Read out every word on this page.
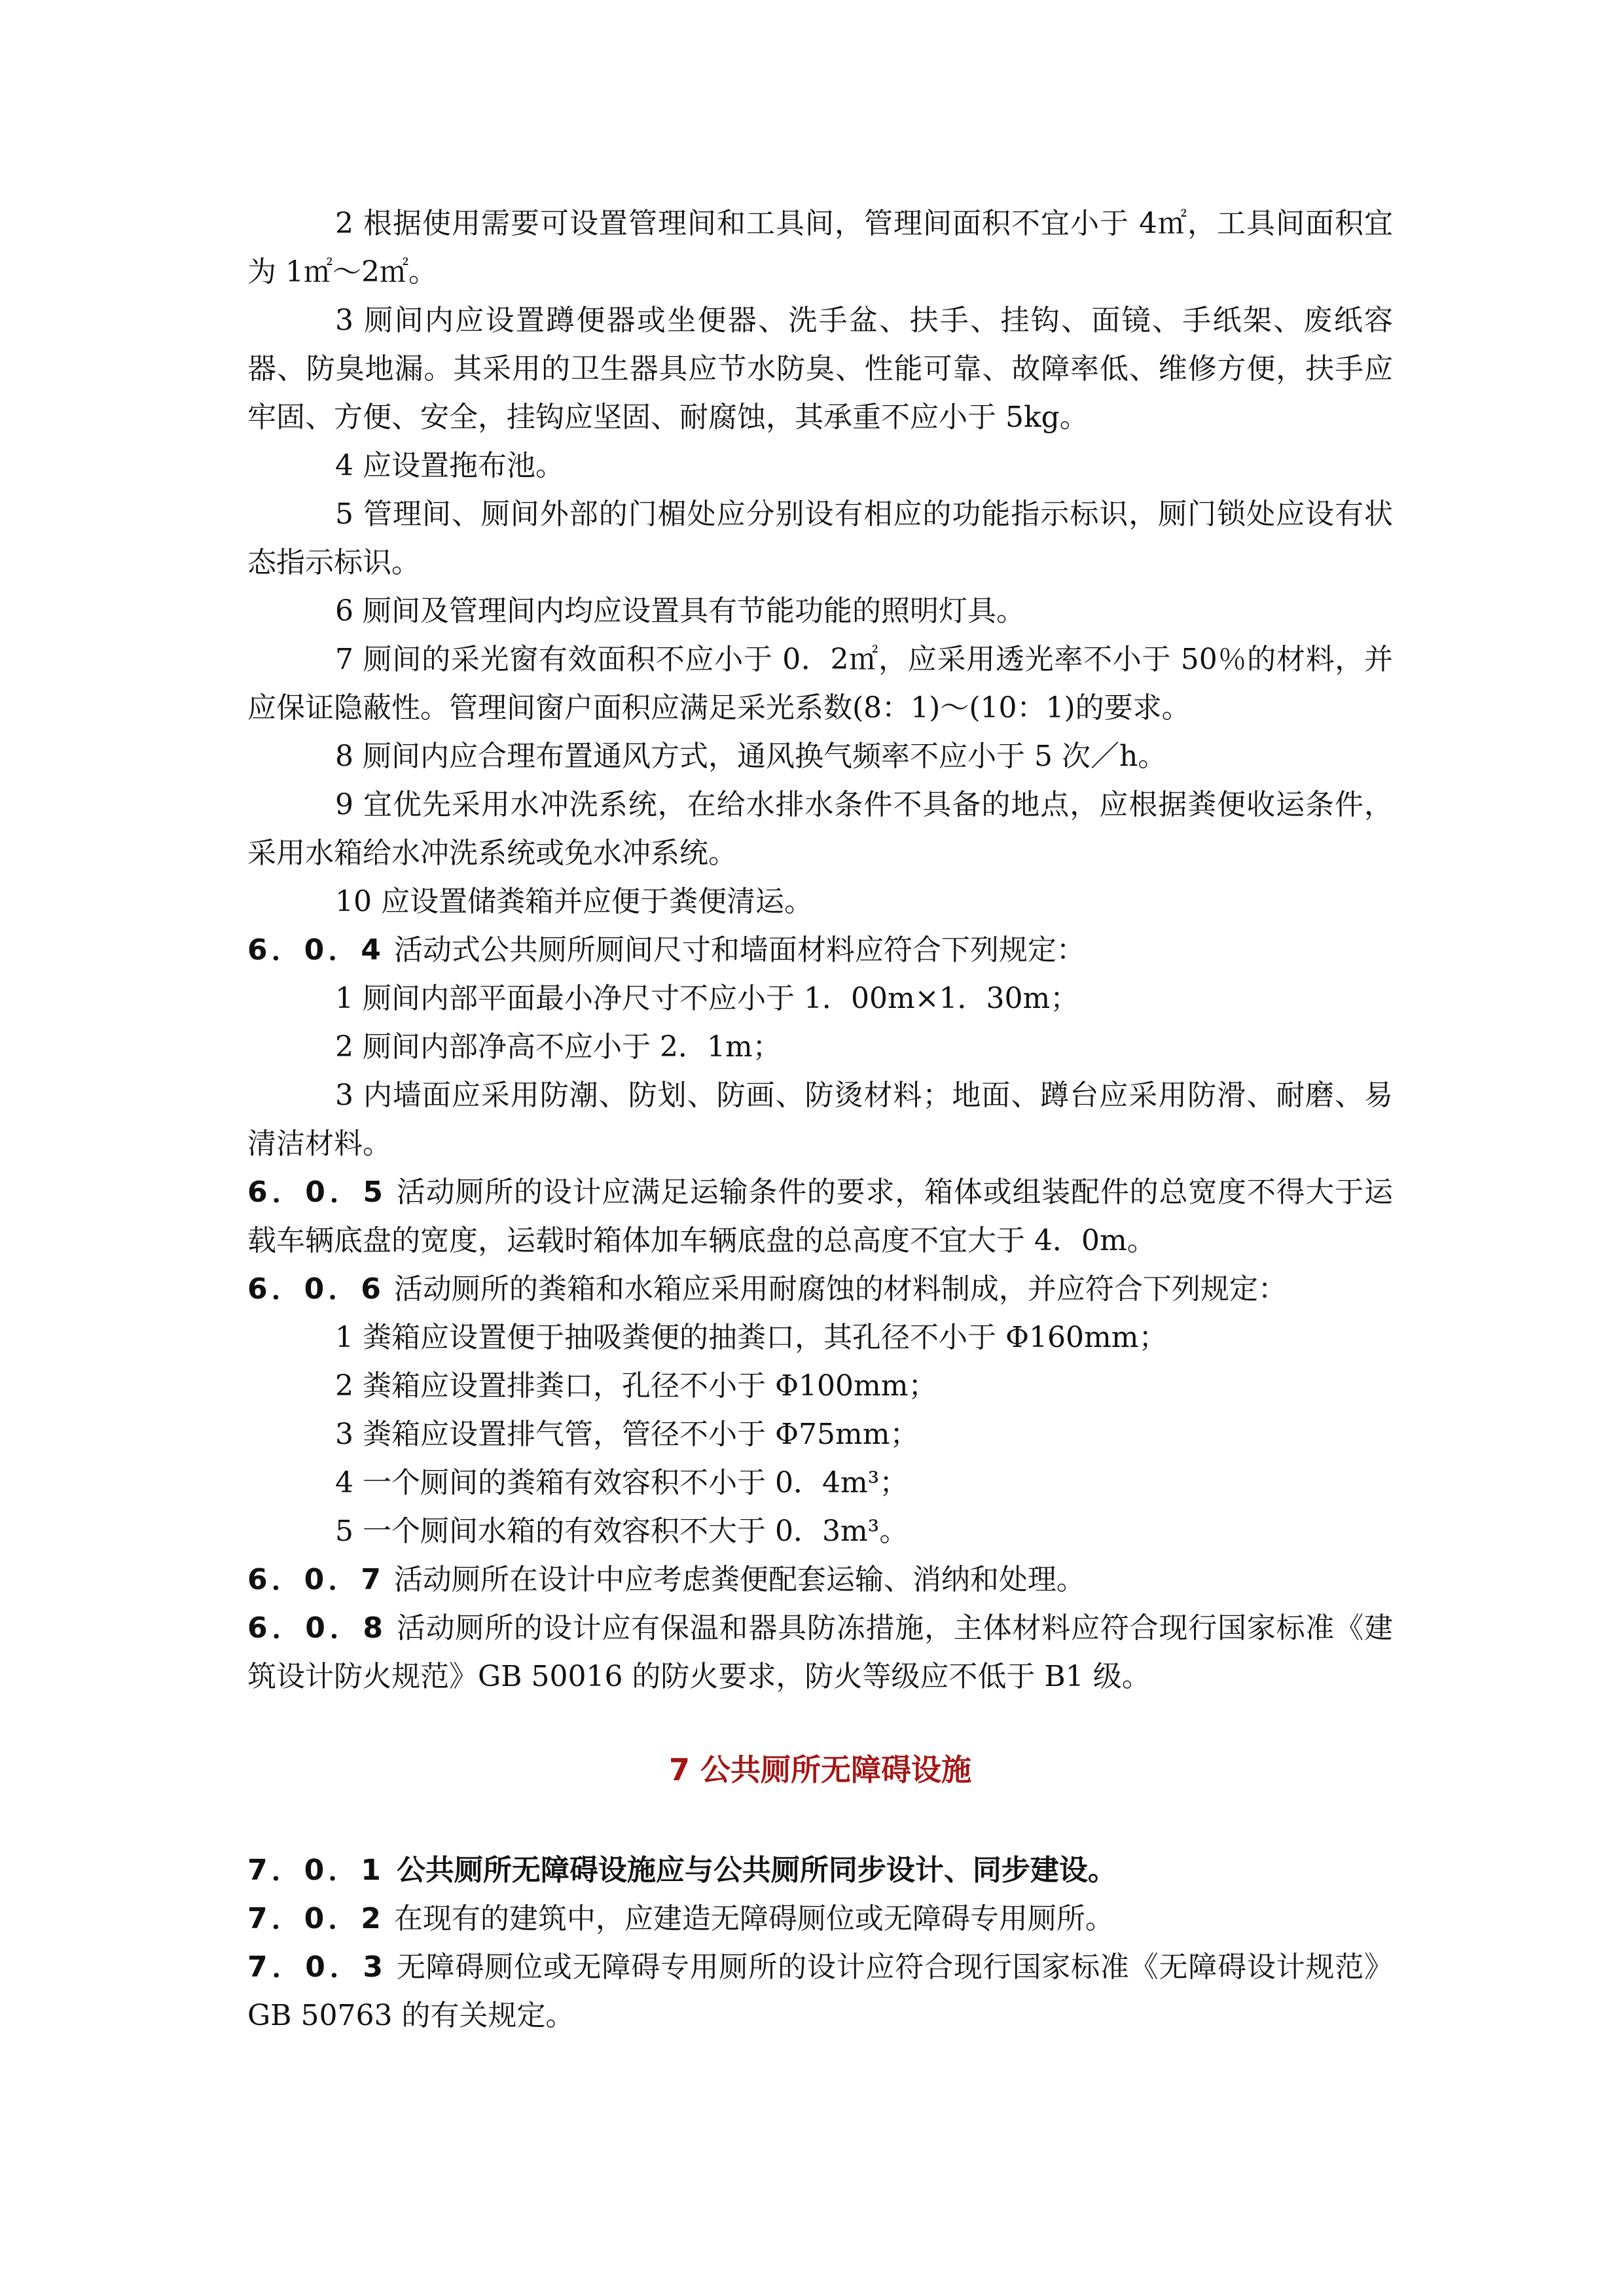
2 根据使用需要可设置管理间和工具间，管理间面积不宜小于 4㎡，工具间面积宜为 1㎡～2㎡。

3 厕间内应设置蹲便器或坐便器、洗手盆、扶手、挂钩、面镜、手纸架、废纸容器、防臭地漏。其采用的卫生器具应节水防臭、性能可靠、故障率低、维修方便，扶手应牢固、方便、安全，挂钩应坚固、耐腐蚀，其承重不应小于 5kg。

4 应设置拖布池。

5 管理间、厕间外部的门楣处应分别设有相应的功能指示标识，厕门锁处应设有状态指示标识。

6 厕间及管理间内均应设置具有节能功能的照明灯具。

7 厕间的采光窗有效面积不应小于 0．2㎡，应采用透光率不小于 50％的材料，并应保证隐蔽性。管理间窗户面积应满足采光系数(8：1)～(10：1)的要求。

8 厕间内应合理布置通风方式，通风换气频率不应小于 5 次／h。

9 宜优先采用水冲洗系统，在给水排水条件不具备的地点，应根据粪便收运条件，采用水箱给水冲洗系统或免水冲系统。

10 应设置储粪箱并应便于粪便清运。

6．0．4 活动式公共厕所厕间尺寸和墙面材料应符合下列规定：

1 厕间内部平面最小净尺寸不应小于 1．00m×1．30m；

2 厕间内部净高不应小于 2．1m；

3 内墙面应采用防潮、防划、防画、防烫材料；地面、蹲台应采用防滑、耐磨、易清洁材料。

6．0．5 活动厕所的设计应满足运输条件的要求，箱体或组装配件的总宽度不得大于运载车辆底盘的宽度，运载时箱体加车辆底盘的总高度不宜大于 4．0m。

6．0．6 活动厕所的粪箱和水箱应采用耐腐蚀的材料制成，并应符合下列规定：

1 粪箱应设置便于抽吸粪便的抽粪口，其孔径不小于 Φ160mm；

2 粪箱应设置排粪口，孔径不小于 Φ100mm；

3 粪箱应设置排气管，管径不小于 Φ75mm；

4 一个厕间的粪箱有效容积不小于 0．4m³；

5 一个厕间水箱的有效容积不大于 0．3m³。

6．0．7 活动厕所在设计中应考虑粪便配套运输、消纳和处理。

6．0．8 活动厕所的设计应有保温和器具防冻措施，主体材料应符合现行国家标准《建筑设计防火规范》GB 50016 的防火要求，防火等级应不低于 B1 级。

7 公共厕所无障碍设施

7．0．1 公共厕所无障碍设施应与公共厕所同步设计、同步建设。

7．0．2 在现有的建筑中，应建造无障碍厕位或无障碍专用厕所。

7．0．3 无障碍厕位或无障碍专用厕所的设计应符合现行国家标准《无障碍设计规范》GB 50763 的有关规定。
